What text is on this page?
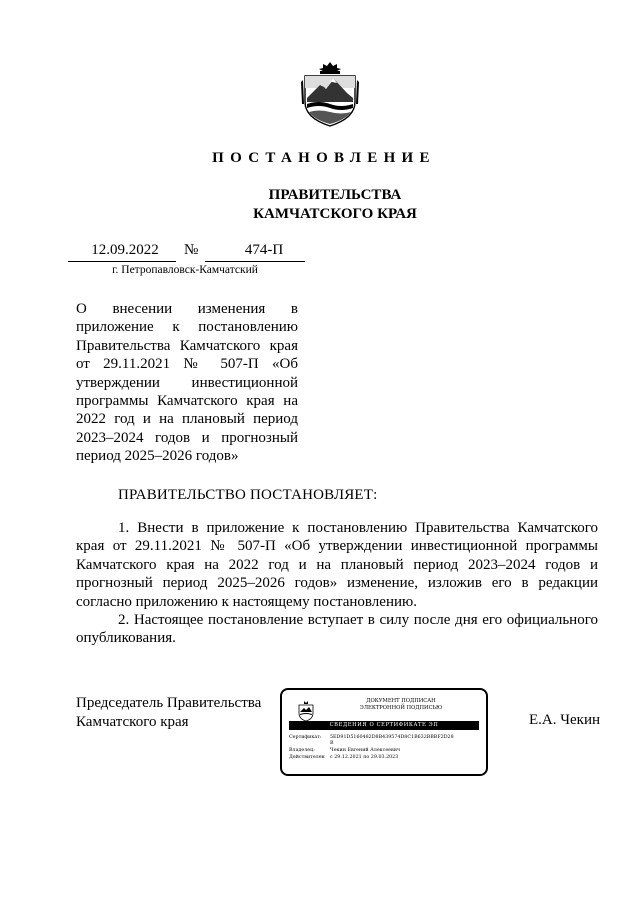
ПОСТАНОВЛЕНИЕ
ПРАВИТЕЛЬСТВА
КАМЧАТСКОГО КРАЯ
12.09.2022	№	474-П
г. Петропавловск-Камчатский
О внесении изменения в
приложение к постановлению
Правительства Камчатского края
от 29.11.2021 № 507-П «Об
утверждении инвестиционной
программы Камчатского края на
2022 год и на плановый период
2023–2024 годов и прогнозный
период 2025–2026 годов»
ПРАВИТЕЛЬСТВО ПОСТАНОВЛЯЕТ:
1. Внести в приложение к постановлению Правительства Камчатского
края от 29.11.2021 № 507-П «Об утверждении инвестиционной программы
Камчатского края на 2022 год и на плановый период 2023–2024 годов и
прогнозный период 2025–2026 годов» изменение, изложив его в редакции
согласно приложению к настоящему постановлению.
2. Настоящее постановление вступает в силу после дня его официального
опубликования.
Председатель Правительства
Камчатского края
ДОКУМЕНТ ПОДПИСАН
ЭЛЕКТРОННОЙ ПОДПИСЬЮ
СВЕДЕНИЯ О СЕРТИФИКАТЕ ЭП
Сертификат: 5ED91D5160482D8B439574D8C1B632BBBF2D28
B
Владелец:	Чекин Евгений Алексеевич
Действителен с 29.12.2021 по 29.03.2023
Е.А. Чекин
